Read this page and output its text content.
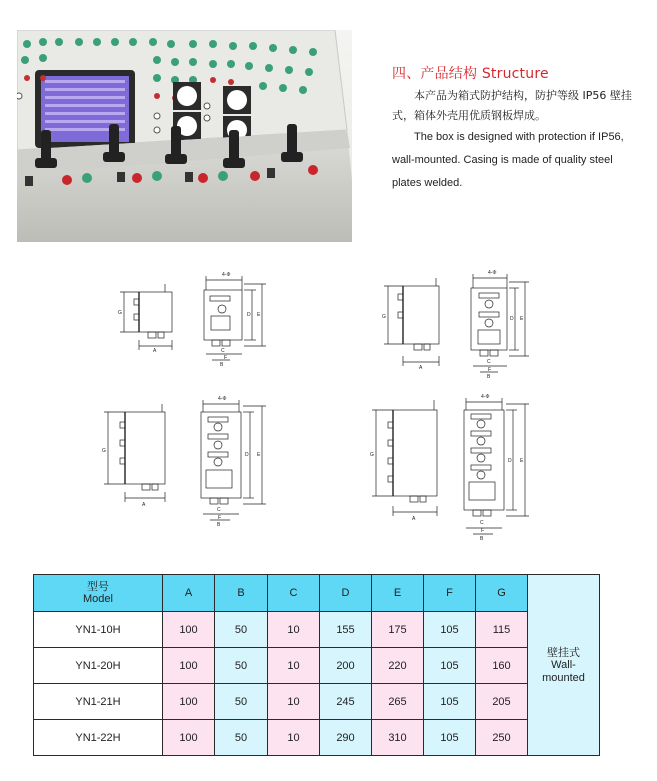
四、产品结构 Structure
本产品为箱式防护结构，防护等级 IP56 壁挂式，箱体外壳用优质钢板焊成。
The box is designed with protection if IP56, wall-mounted. Casing is made of quality steel plates welded.
G
A
4-Φ
D E
C
F
B
G
A
4-Φ
D E
C
F
B
G
A
4-Φ
D E
C
F
B
G
A
4-Φ
D E
C
F
B
型号
Model	A	B	C	D	E	F	G	壁挂式
Wall-mounted

YN1-10H	100	50	10	155	175	105	115	
YN1-20H	100	50	10	200	220	105	160	
YN1-21H	100	50	10	245	265	105	205	
YN1-22H	100	50	10	290	310	105	250	
